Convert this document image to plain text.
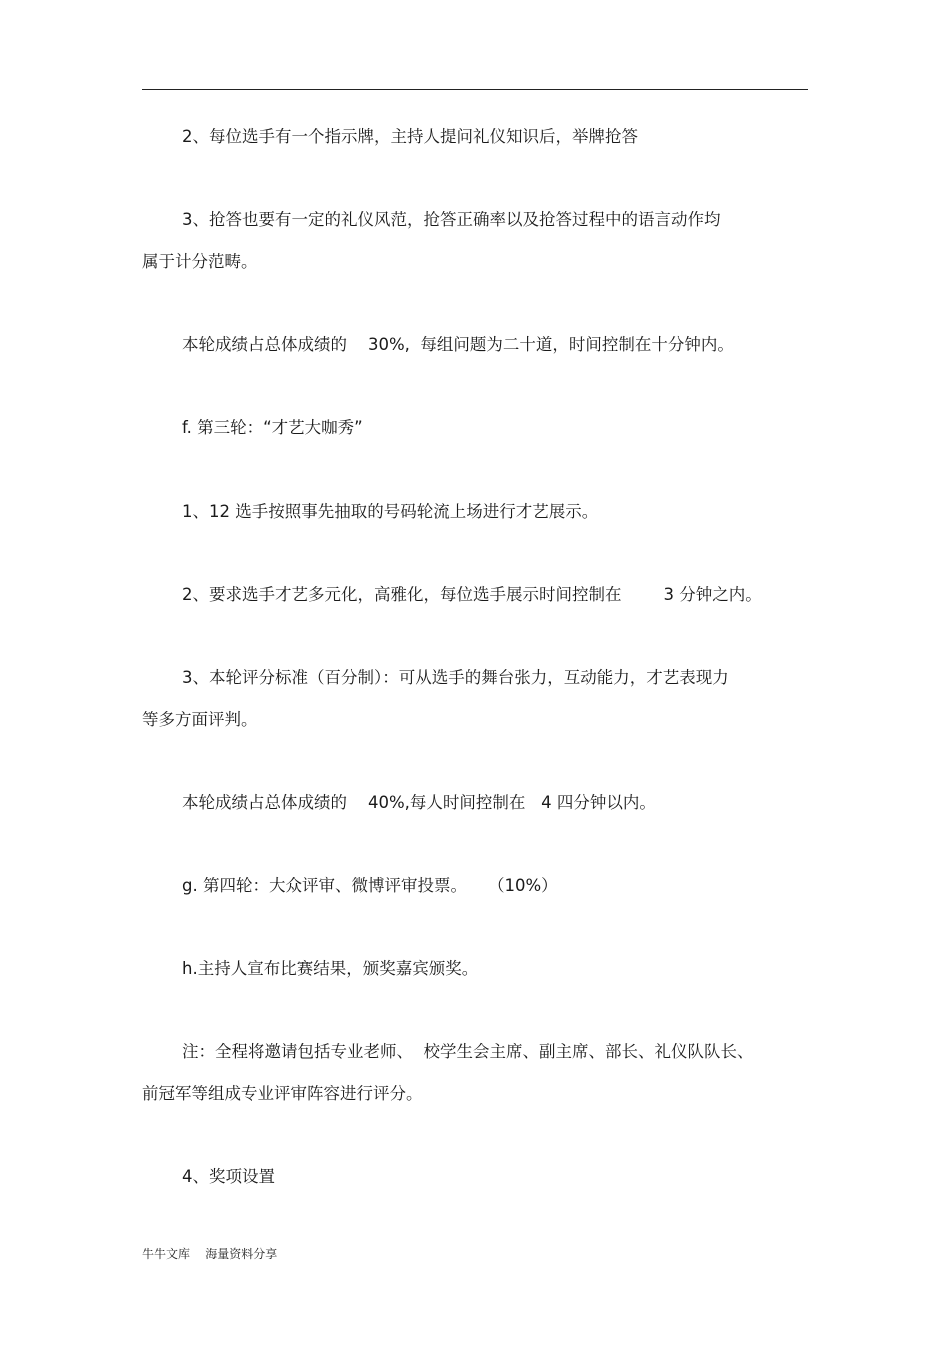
2、每位选手有一个指示牌，主持人提问礼仪知识后，举牌抢答
3、抢答也要有一定的礼仪风范，抢答正确率以及抢答过程中的语言动作均
属于计分范畴。
本轮成绩占总体成绩的    30%,  每组问题为二十道，时间控制在十分钟内。
f. 第三轮：“才艺大咖秀”
1、12 选手按照事先抽取的号码轮流上场进行才艺展示。
2、要求选手才艺多元化，高雅化，每位选手展示时间控制在        3 分钟之内。
3、本轮评分标准（百分制）：可从选手的舞台张力，互动能力，才艺表现力
等多方面评判。
本轮成绩占总体成绩的    40%,每人时间控制在   4 四分钟以内。
g. 第四轮：大众评审、微博评审投票。    （10%）
h.主持人宣布比赛结果，颁奖嘉宾颁奖。
注：全程将邀请包括专业老师、  校学生会主席、副主席、部长、礼仪队队长、
前冠军等组成专业评审阵容进行评分。
4、奖项设置
牛牛文库    海量资料分享
